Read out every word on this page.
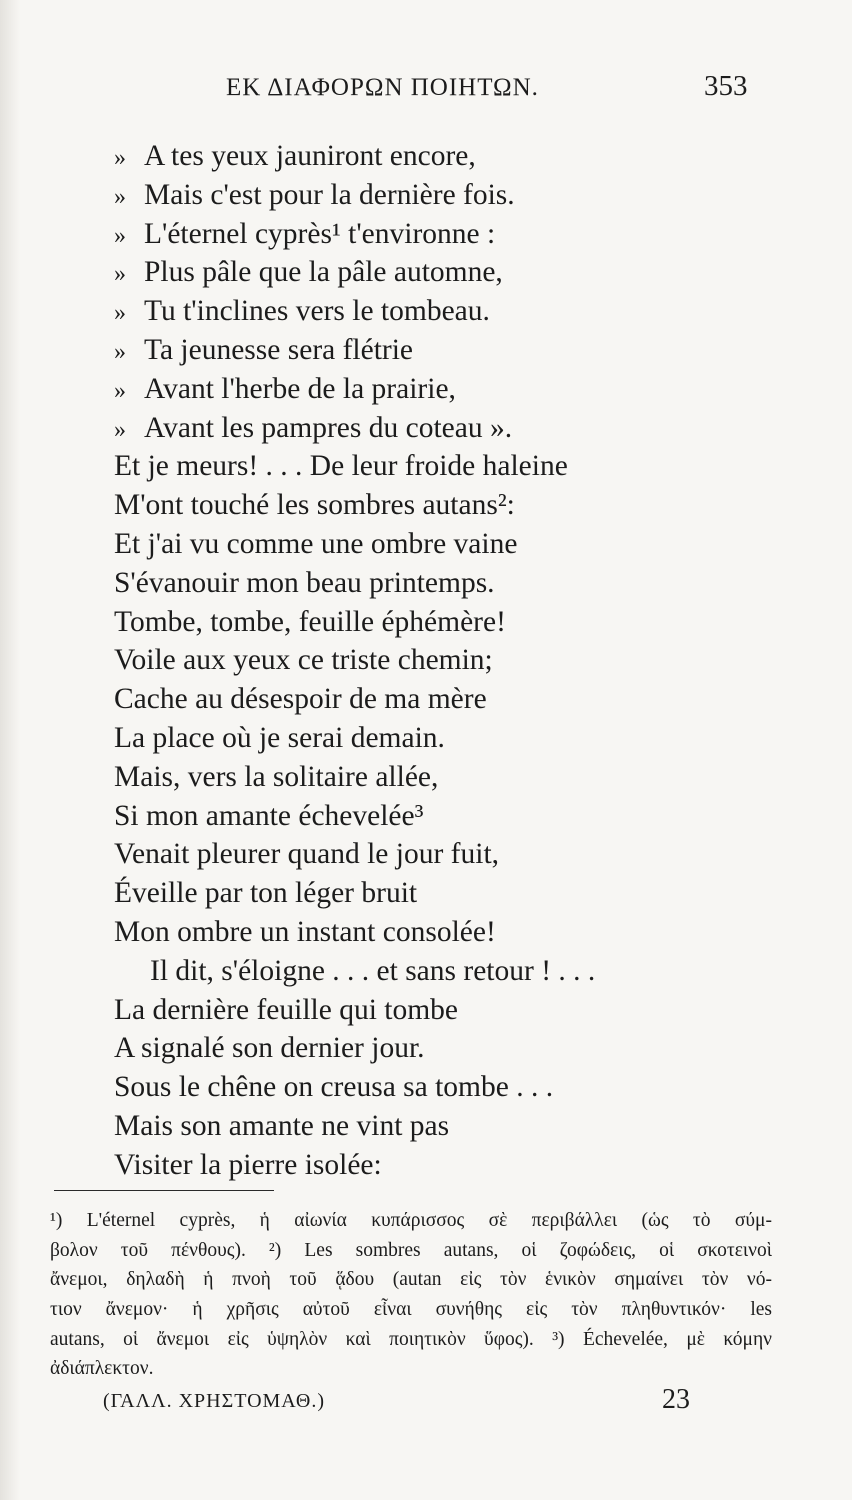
ΕΚ ΔΙΑΦΟΡΩΝ ΠΟΙΗΤΩΝ.	353
» A tes yeux jauniront encore,
» Mais c'est pour la dernière fois.
» L'éternel cyprès¹ t'environne :
» Plus pâle que la pâle automne,
» Tu t'inclines vers le tombeau.
» Ta jeunesse sera flétrie
» Avant l'herbe de la prairie,
» Avant les pampres du coteau ».
Et je meurs! . . . De leur froide haleine
M'ont touché les sombres autans²:
Et j'ai vu comme une ombre vaine
S'évanouir mon beau printemps.
Tombe, tombe, feuille éphémère!
Voile aux yeux ce triste chemin;
Cache au désespoir de ma mère
La place où je serai demain.
Mais, vers la solitaire allée,
Si mon amante échevelée³
Venait pleurer quand le jour fuit,
Éveille par ton léger bruit
Mon ombre un instant consolée!
Il dit, s'éloigne . . . et sans retour ! . . .
La dernière feuille qui tombe
A signalé son dernier jour.
Sous le chêne on creusa sa tombe . . .
Mais son amante ne vint pas
Visiter la pierre isolée:
¹) L'éternel cyprès, ἡ αἰωνία κυπάρισσος σὲ περιβάλλει (ὡς τὸ σύμ-
βολον τοῦ πένθους). ²) Les sombres autans, οἱ ζοφώδεις, οἱ σκοτεινοὶ
ἄνεμοι, δηλαδὴ ἡ πνοὴ τοῦ ᾅδου (autan εἰς τὸν ἑνικὸν σημαίνει τὸν νό-
τιον ἄνεμον· ἡ χρῆσις αὐτοῦ εἶναι συνήθης εἰς τὸν πληθυντικόν· les
autans, οἱ ἄνεμοι εἰς ὑψηλὸν καὶ ποιητικὸν ὕφος). ³) Échevelée, μὲ κόμην
ἀδιάπλεκτον.
(ΓΑΛΛ. ΧΡΗΣΤΟΜΑΘ.)	23
